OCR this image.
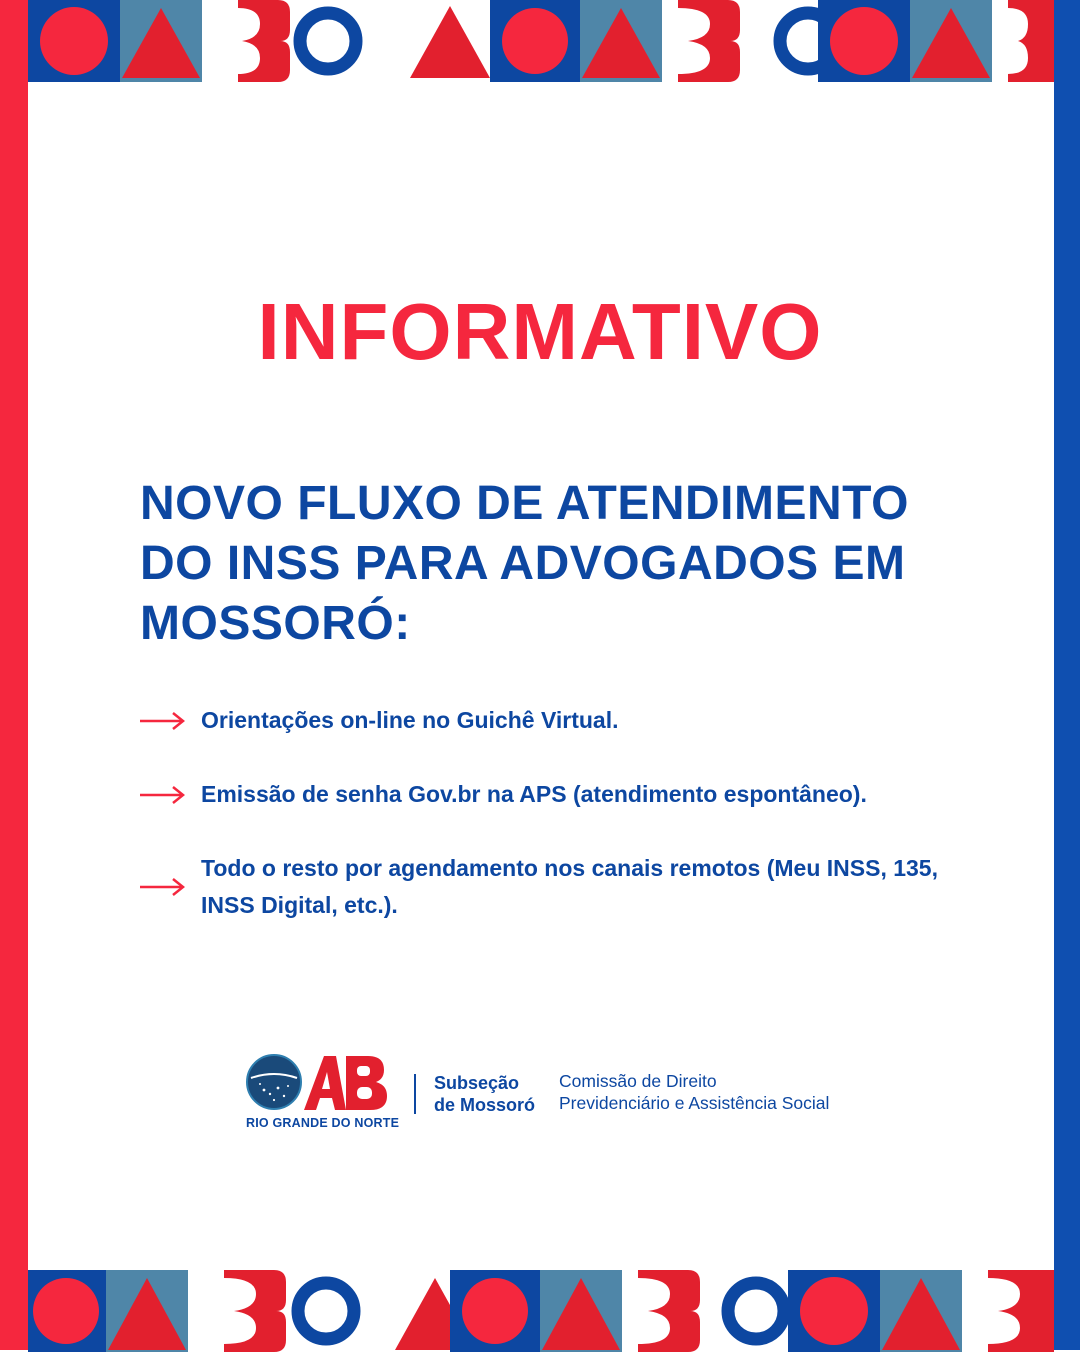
INFORMATIVO
NOVO FLUXO DE ATENDIMENTO DO INSS PARA ADVOGADOS EM MOSSORÓ:
Orientações on-line no Guichê Virtual.
Emissão de senha Gov.br na APS (atendimento espontâneo).
Todo o resto por agendamento nos canais remotos (Meu INSS, 135, INSS Digital, etc.).
RIO GRANDE DO NORTE
Subseção
de Mossoró
Comissão de Direito
Previdenciário e Assistência Social
